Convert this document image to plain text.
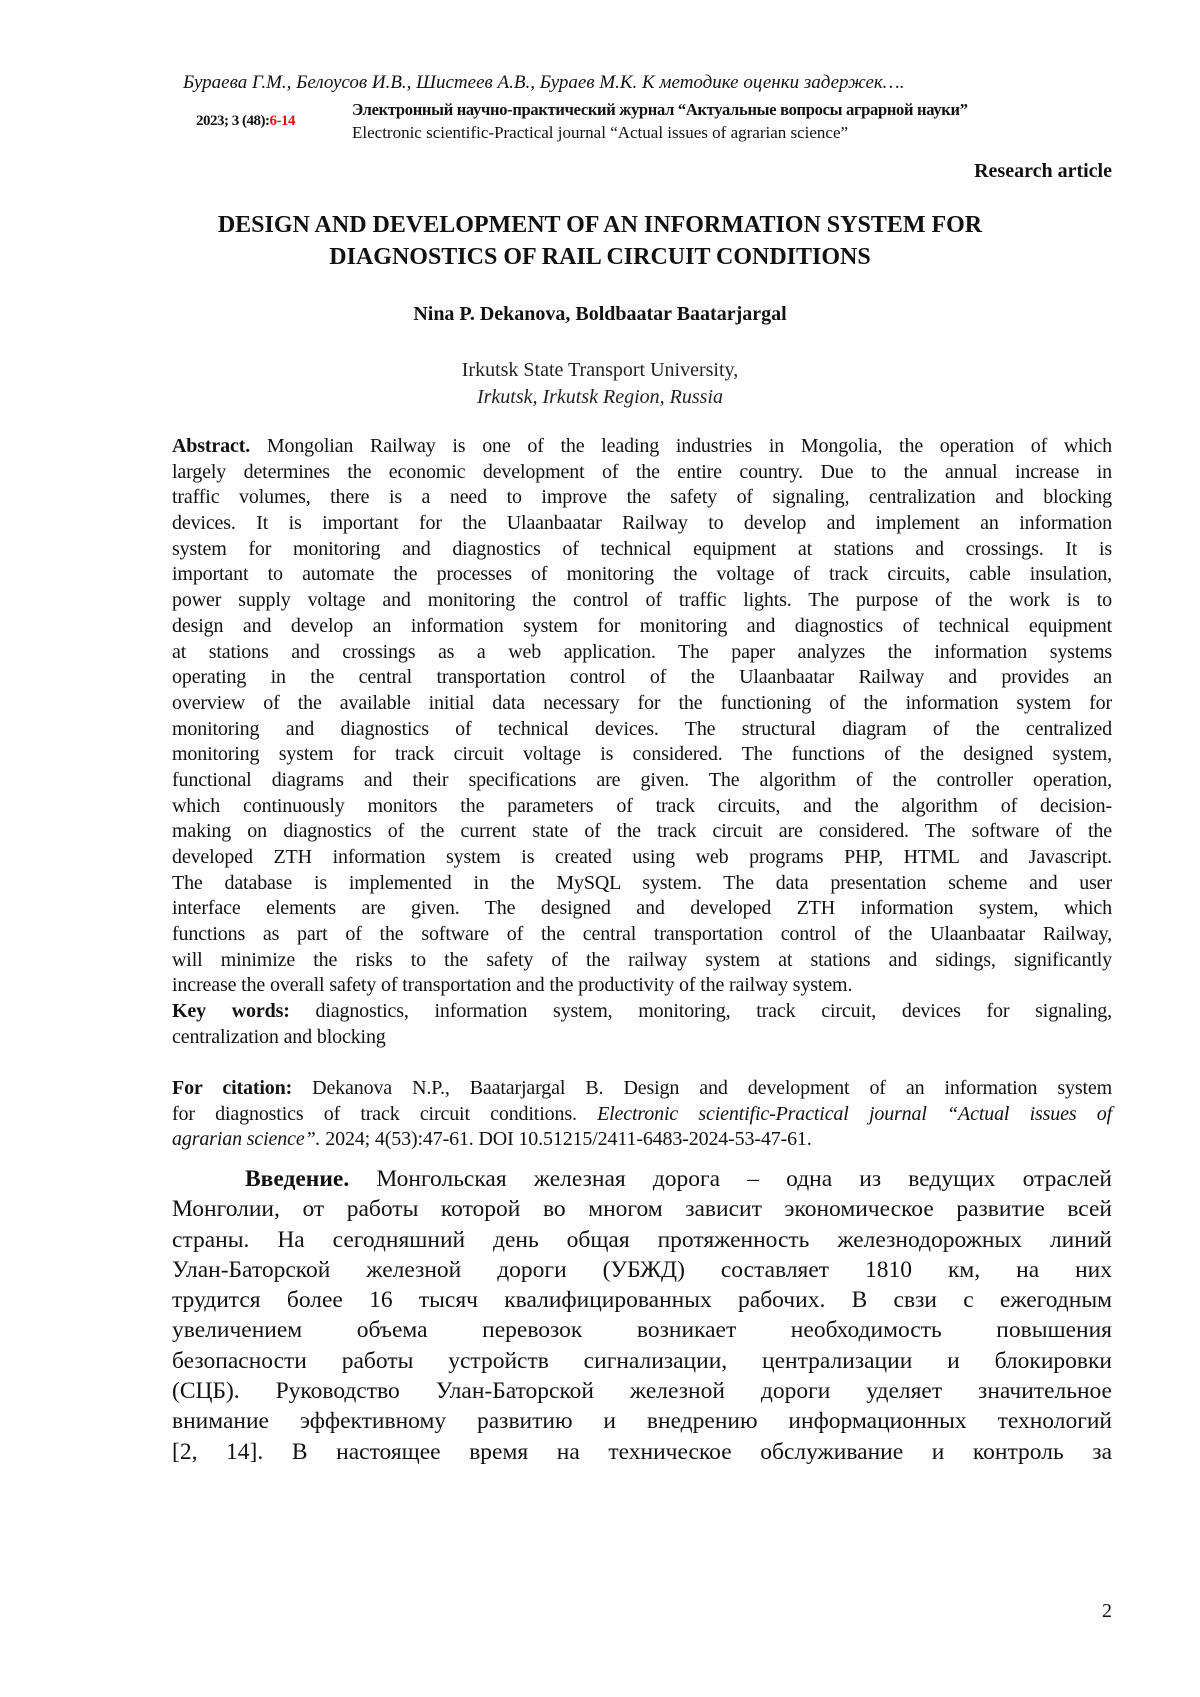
Бураева Г.М., Белоусов И.В., Шистеев А.В., Бураев М.К. К методике оценки задержек….
2023; 3 (48):6-14
Электронный научно-практический журнал “Актуальные вопросы аграрной науки”
Electronic scientific-Practical journal “Actual issues of agrarian science”
Research article
DESIGN AND DEVELOPMENT OF AN INFORMATION SYSTEM FOR
DIAGNOSTICS OF RAIL CIRCUIT CONDITIONS
Nina P. Dekanova, Boldbaatar Baatarjargal
Irkutsk State Transport University,
Irkutsk, Irkutsk Region, Russia
Abstract. Mongolian Railway is one of the leading industries in Mongolia, the operation of which
largely determines the economic development of the entire country. Due to the annual increase in
traffic volumes, there is a need to improve the safety of signaling, centralization and blocking
devices. It is important for the Ulaanbaatar Railway to develop and implement an information
system for monitoring and diagnostics of technical equipment at stations and crossings. It is
important to automate the processes of monitoring the voltage of track circuits, cable insulation,
power supply voltage and monitoring the control of traffic lights. The purpose of the work is to
design and develop an information system for monitoring and diagnostics of technical equipment
at stations and crossings as a web application. The paper analyzes the information systems
operating in the central transportation control of the Ulaanbaatar Railway and provides an
overview of the available initial data necessary for the functioning of the information system for
monitoring and diagnostics of technical devices. The structural diagram of the centralized
monitoring system for track circuit voltage is considered. The functions of the designed system,
functional diagrams and their specifications are given. The algorithm of the controller operation,
which continuously monitors the parameters of track circuits, and the algorithm of decision-
making on diagnostics of the current state of the track circuit are considered. The software of the
developed ZTH information system is created using web programs PHP, HTML and Javascript.
The database is implemented in the MySQL system. The data presentation scheme and user
interface elements are given. The designed and developed ZTH information system, which
functions as part of the software of the central transportation control of the Ulaanbaatar Railway,
will minimize the risks to the safety of the railway system at stations and sidings, significantly
increase the overall safety of transportation and the productivity of the railway system.
Key words: diagnostics, information system, monitoring, track circuit, devices for signaling,
centralization and blocking
For citation: Dekanova N.P., Baatarjargal B. Design and development of an information system
for diagnostics of track circuit conditions. Electronic scientific-Practical journal “Actual issues of
agrarian science”. 2024; 4(53):47-61. DOI 10.51215/2411-6483-2024-53-47-61.
Введение. Монгольская железная дорога – одна из ведущих отраслей
Монголии, от работы которой во многом зависит экономическое развитие всей
страны. На сегодняшний день общая протяженность железнодорожных линий
Улан-Баторской железной дороги (УБЖД) составляет 1810 км, на них
трудится более 16 тысяч квалифицированных рабочих. В свзи с ежегодным
увеличением объема перевозок возникает необходимость повышения
безопасности работы устройств сигнализации, централизации и блокировки
(СЦБ). Руководство Улан-Баторской железной дороги уделяет значительное
внимание эффективному развитию и внедрению информационных технологий
[2, 14]. В настоящее время на техническое обслуживание и контроль за
2
